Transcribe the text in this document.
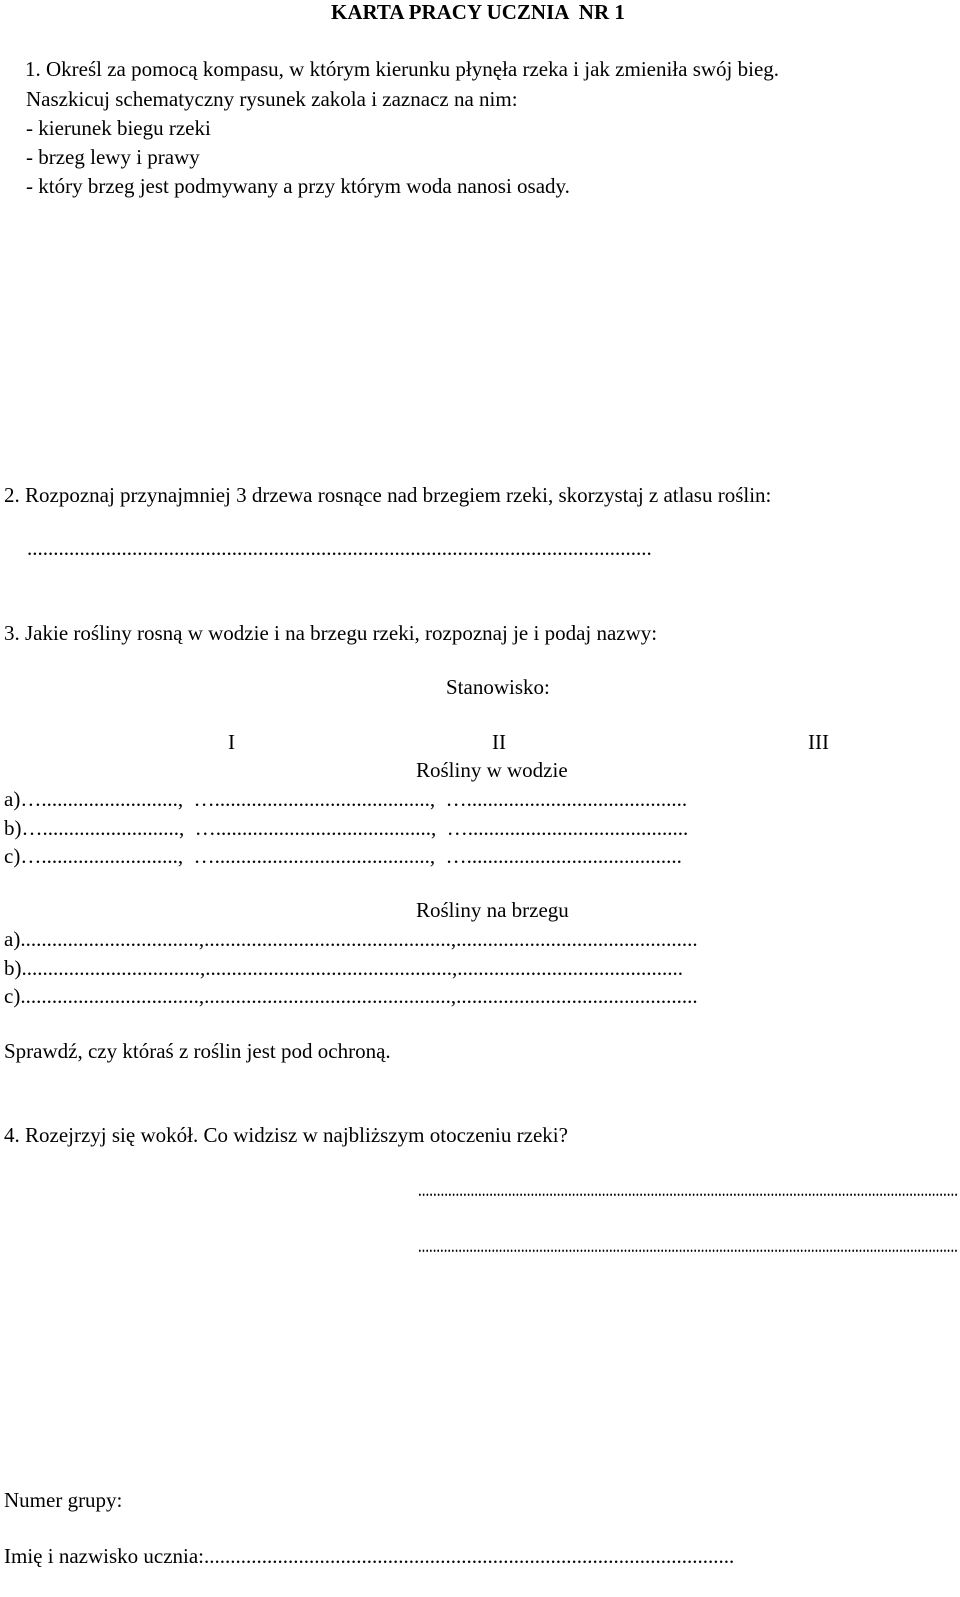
KARTA PRACY UCZNIA  NR 1
1. Określ za pomocą kompasu, w którym kierunku płynęła rzeka i jak zmieniła swój bieg.
Naszkicuj schematyczny rysunek zakola i zaznacz na nim:
- kierunek biegu rzeki
- brzeg lewy i prawy
- który brzeg jest podmywany a przy którym woda nanosi osady.
2. Rozpoznaj przynajmniej 3 drzewa rosnące nad brzegiem rzeki, skorzystaj z atlasu roślin:
.......................................................................................................................
3. Jakie rośliny rosną w wodzie i na brzegu rzeki, rozpoznaj je i podaj nazwy:
Stanowisko:
I	II	III
Rośliny w wodzie
a)…..........................,  ….........................................,  …..........................................
b)…..........................,  ….........................................,  …..........................................
c)…..........................,  ….........................................,  ….........................................
Rośliny na brzegu
a)..................................,...............................................,..............................................
b)..................................,...............................................,...........................................
c)..................................,...............................................,..............................................
Sprawdź, czy któraś z roślin jest pod ochroną.
4. Rozejrzyj się wokół. Co widzisz w najbliższym otoczeniu rzeki?
................................................................................................................................................
...................................................................................................................................................
Numer grupy:
Imię i nazwisko ucznia:.....................................................................................................
